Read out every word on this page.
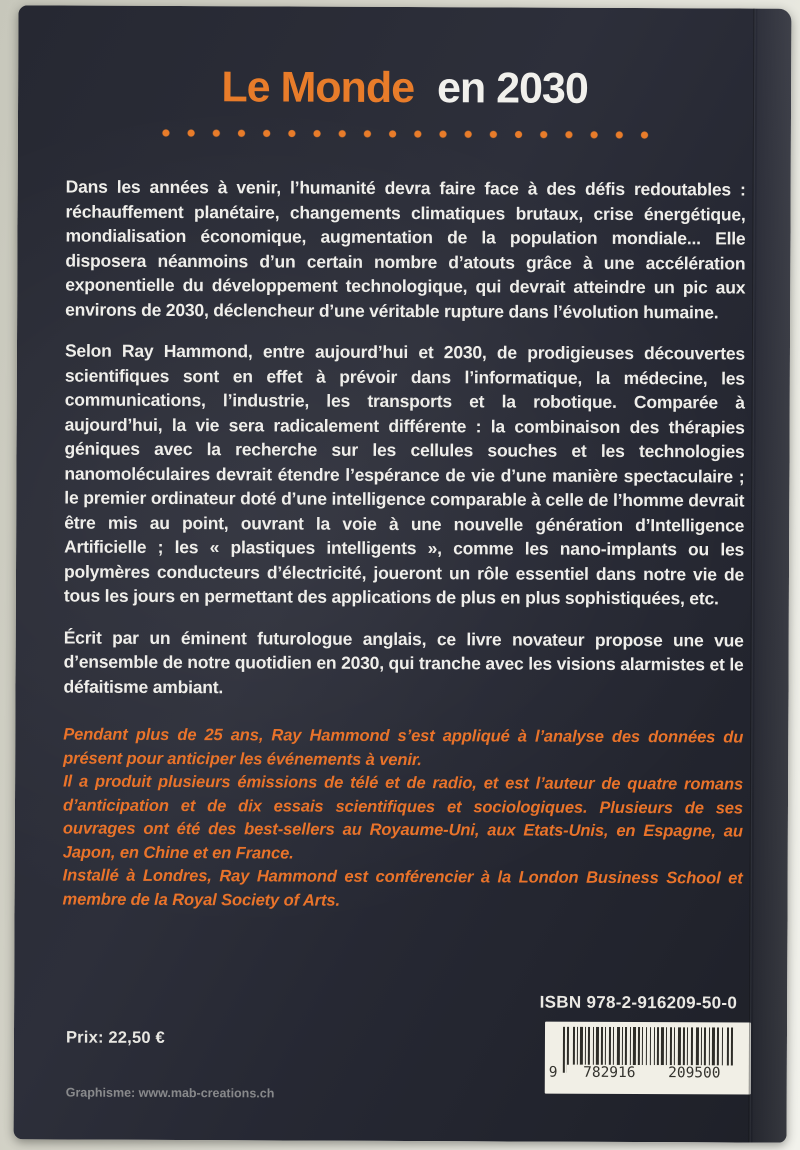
Le Monde en 2030

Dans les années à venir, l’humanité devra faire face à des défis redoutables : réchauffement planétaire, changements climatiques brutaux, crise énergétique, mondialisation économique, augmentation de la population mondiale... Elle disposera néanmoins d’un certain nombre d’atouts grâce à une accélération exponentielle du développement technologique, qui devrait atteindre un pic aux environs de 2030, déclencheur d’une véritable rupture dans l’évolution humaine.

Selon Ray Hammond, entre aujourd’hui et 2030, de prodigieuses découvertes scientifiques sont en effet à prévoir dans l’informatique, la médecine, les communications, l’industrie, les transports et la robotique. Comparée à aujourd’hui, la vie sera radicalement différente : la combinaison des thérapies géniques avec la recherche sur les cellules souches et les technologies nanomoléculaires devrait étendre l’espérance de vie d’une manière spectaculaire ; le premier ordinateur doté d’une intelligence comparable à celle de l’homme devrait être mis au point, ouvrant la voie à une nouvelle génération d’Intelligence Artificielle ; les « plastiques intelligents », comme les nano-implants ou les polymères conducteurs d’électricité, joueront un rôle essentiel dans notre vie de tous les jours en permettant des applications de plus en plus sophistiquées, etc.

Écrit par un éminent futurologue anglais, ce livre novateur propose une vue d’ensemble de notre quotidien en 2030, qui tranche avec les visions alarmistes et le défaitisme ambiant.

Pendant plus de 25 ans, Ray Hammond s’est appliqué à l’analyse des données du présent pour anticiper les événements à venir.

Il a produit plusieurs émissions de télé et de radio, et est l’auteur de quatre romans d’anticipation et de dix essais scientifiques et sociologiques. Plusieurs de ses ouvrages ont été des best-sellers au Royaume-Uni, aux Etats-Unis, en Espagne, au Japon, en Chine et en France.

Installé à Londres, Ray Hammond est conférencier à la London Business School et membre de la Royal Society of Arts.

ISBN 978-2-916209-50-0
9	782916	209500
Prix: 22,50 €
Graphisme: www.mab-creations.ch
